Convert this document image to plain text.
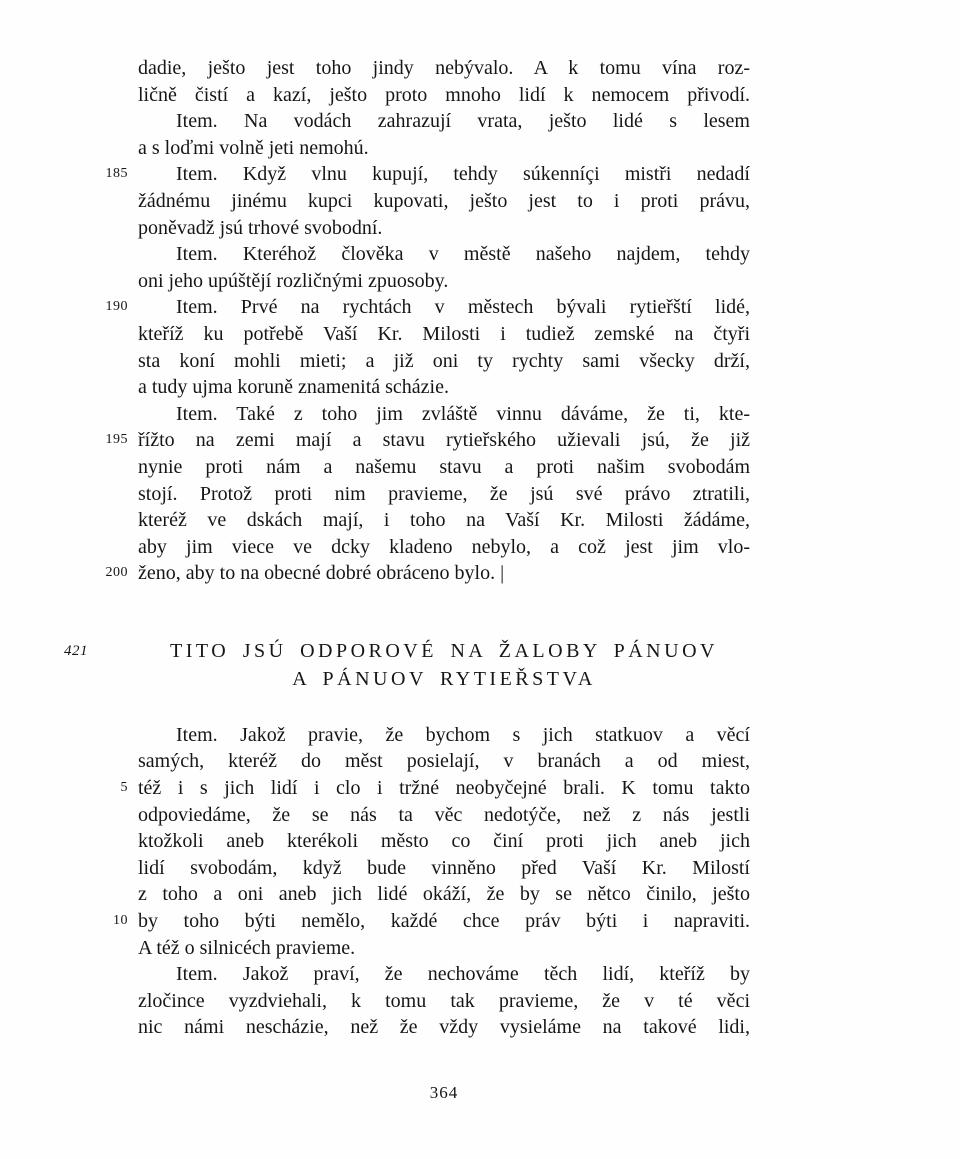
dadie, ješto jest toho jindy nebývalo. A k tomu vína roz-
ličně čistí a kazí, ješto proto mnoho lidí k nemocem přivodí.
Item. Na vodách zahrazují vrata, ješto lidé s lesem
a s loďmi volně jeti nemohú.
185	Item. Když vlnu kupují, tehdy súkenníçi mistři nedadí
žádnému jinému kupci kupovati, ješto jest to i proti právu,
poněvadž jsú trhové svobodní.
Item. Kteréhož člověka v městě našeho najdem, tehdy
oni jeho upúštějí rozličnými zpuosoby.
190	Item. Prvé na rychtách v městech bývali rytieřští lidé,
kteříž ku potřebě Vaší Kr. Milosti i tudiež zemské na čtyři
sta koní mohli mieti; a již oni ty rychty sami všecky drží,
a tudy ujma koruně znamenitá scházie.
Item. Také z toho jim zvláště vinnu dáváme, že ti, kte-
195 řížto na zemi mají a stavu rytieřského užievali jsú, že již
nynie proti nám a našemu stavu a proti našim svobodám
stojí. Protož proti nim pravieme, že jsú své právo ztratili,
kteréž ve dskách mají, i toho na Vaší Kr. Milosti žádáme,
aby jim viece ve dcky kladeno nebylo, a což jest jim vlo-
200 ženo, aby to na obecné dobré obráceno bylo. |
421	TITO JSÚ ODPOROVÉ NA ŽALOBY PÁNUOV
A PÁNUOV RYTIEŘSTVA
Item. Jakož pravie, že bychom s jich statkuov a věcí
samých, kteréž do měst posielají, v branách a od miest,
5 též i s jich lidí i clo i tržné neobyčejné brali. K tomu takto
odpoviedáme, že se nás ta věc nedotýče, než z nás jestli
ktožkoli aneb kterékoli město co činí proti jich aneb jich
lidí svobodám, když bude vinněno před Vaší Kr. Milostí
z toho a oni aneb jich lidé okáží, že by se nětco činilo, ješto
10 by toho býti nemělo, každé chce práv býti i napraviti.
A též o silnicéch pravieme.
Item. Jakož praví, že nechováme těch lidí, kteříž by
zločince vyzdviehali, k tomu tak pravieme, že v té věci
nic námi nescházie, než že vždy vysieláme na takové lidi,
364
